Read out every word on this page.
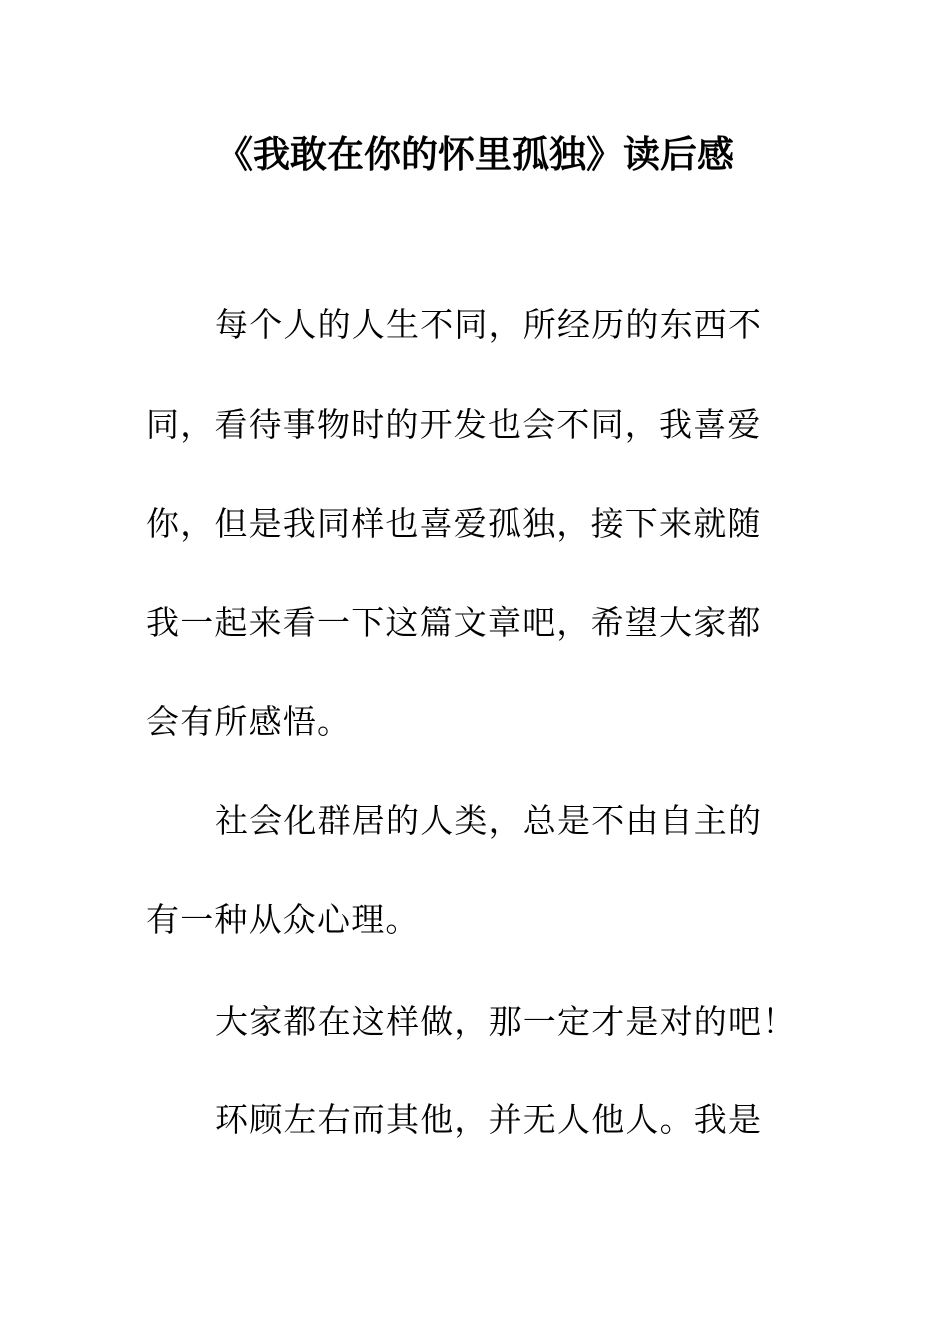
《我敢在你的怀里孤独》读后感
每个人的人生不同，所经历的东西不
同，看待事物时的开发也会不同，我喜爱
你，但是我同样也喜爱孤独，接下来就随
我一起来看一下这篇文章吧，希望大家都
会有所感悟。
社会化群居的人类，总是不由自主的
有一种从众心理。
大家都在这样做，那一定才是对的吧！
环顾左右而其他，并无人他人。我是
